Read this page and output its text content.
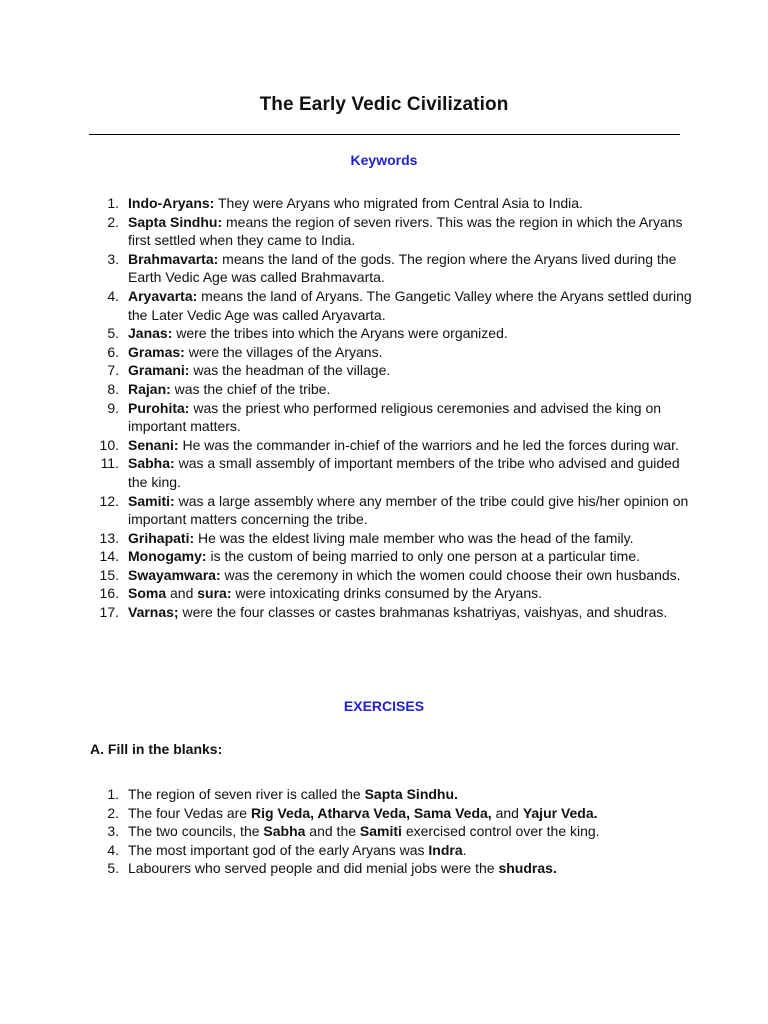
The Early Vedic Civilization
Keywords
1. Indo-Aryans: They were Aryans who migrated from Central Asia to India.
2. Sapta Sindhu: means the region of seven rivers. This was the region in which the Aryans first settled when they came to India.
3. Brahmavarta: means the land of the gods. The region where the Aryans lived during the Earth Vedic Age was called Brahmavarta.
4. Aryavarta: means the land of Aryans. The Gangetic Valley where the Aryans settled during the Later Vedic Age was called Aryavarta.
5. Janas: were the tribes into which the Aryans were organized.
6. Gramas: were the villages of the Aryans.
7. Gramani: was the headman of the village.
8. Rajan: was the chief of the tribe.
9. Purohita: was the priest who performed religious ceremonies and advised the king on important matters.
10. Senani: He was the commander in-chief of the warriors and he led the forces during war.
11. Sabha: was a small assembly of important members of the tribe who advised and guided the king.
12. Samiti: was a large assembly where any member of the tribe could give his/her opinion on important matters concerning the tribe.
13. Grihapati: He was the eldest living male member who was the head of the family.
14. Monogamy: is the custom of being married to only one person at a particular time.
15. Swayamwara: was the ceremony in which the women could choose their own husbands.
16. Soma and sura: were intoxicating drinks consumed by the Aryans.
17. Varnas; were the four classes or castes brahmanas kshatriyas, vaishyas, and shudras.
EXERCISES
A. Fill in the blanks:
1. The region of seven river is called the Sapta Sindhu.
2. The four Vedas are Rig Veda, Atharva Veda, Sama Veda, and Yajur Veda.
3. The two councils, the Sabha and the Samiti exercised control over the king.
4. The most important god of the early Aryans was Indra.
5. Labourers who served people and did menial jobs were the shudras.
